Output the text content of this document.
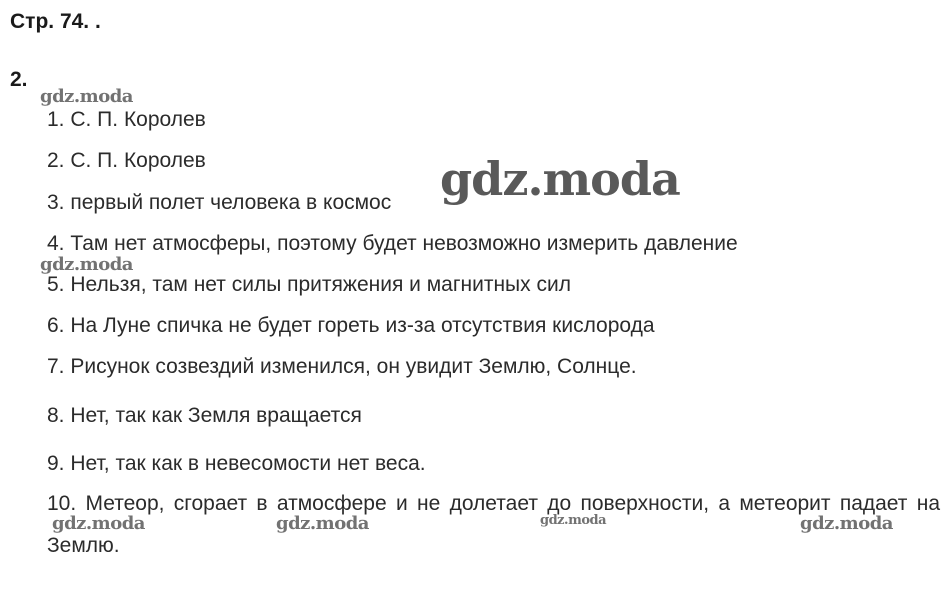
Стр. 74. .
2.
1. С. П. Королев
2. С. П. Королев
3. первый полет человека в космос
4. Там нет атмосферы, поэтому будет невозможно измерить давление
5. Нельзя, там нет силы притяжения и магнитных сил
6. На Луне спичка не будет гореть из-за отсутствия кислорода
7. Рисунок созвездий изменился, он увидит Землю, Солнце.
8. Нет, так как Земля вращается
9. Нет, так как в невесомости нет веса.
10. Метеор, сгорает в атмосфере и не долетает до поверхности, а метеорит падает на Землю.
gdz.moda
gdz.moda
gdz.moda
gdz.moda	gdz.moda	gdz.moda	gdz.moda
